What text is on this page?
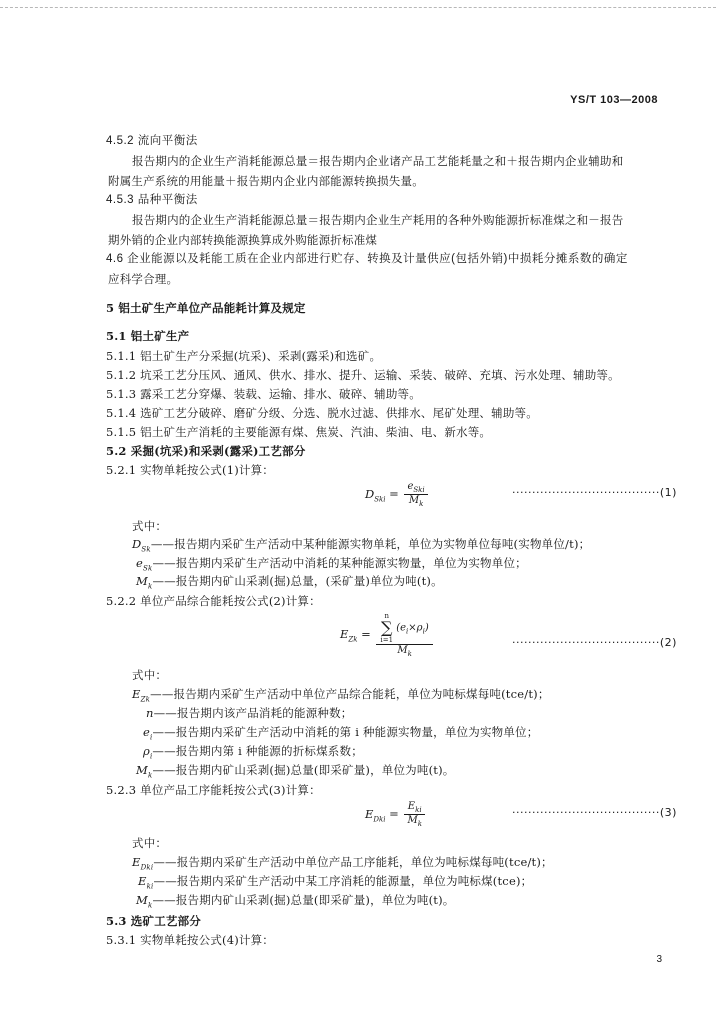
YS/T 103—2008
4.5.2 流向平衡法
报告期内的企业生产消耗能源总量＝报告期内企业诸产品工艺能耗量之和＋报告期内企业辅助和
附属生产系统的用能量＋报告期内企业内部能源转换损失量。
4.5.3 品种平衡法
报告期内的企业生产消耗能源总量＝报告期内企业生产耗用的各种外购能源折标准煤之和－报告
期外销的企业内部转换能源换算成外购能源折标准煤
4.6 企业能源以及耗能工质在企业内部进行贮存、转换及计量供应(包括外销)中损耗分摊系数的确定
应科学合理。
5 铝土矿生产单位产品能耗计算及规定
5.1 铝土矿生产
5.1.1 铝土矿生产分采掘(坑采)、采剥(露采)和选矿。
5.1.2 坑采工艺分压风、通风、供水、排水、提升、运输、采装、破碎、充填、污水处理、辅助等。
5.1.3 露采工艺分穿爆、装载、运输、排水、破碎、辅助等。
5.1.4 选矿工艺分破碎、磨矿分级、分选、脱水过滤、供排水、尾矿处理、辅助等。
5.1.5 铝土矿生产消耗的主要能源有煤、焦炭、汽油、柴油、电、新水等。
5.2 采掘(坑采)和采剥(露采)工艺部分
5.2.1 实物单耗按公式(1)计算：
$D_{Ski} = \frac{e_{Ski}}{M_k}$	·····································(1)
式中：
$D_{Sk}——$报告期内采矿生产活动中某种能源实物单耗，单位为实物单位每吨(实物单位/t)；
$e_{Sk}——$报告期内采矿生产活动中消耗的某种能源实物量，单位为实物单位；
$M_k——$报告期内矿山采剥(掘)总量，(采矿量)单位为吨(t)。
5.2.2 单位产品综合能耗按公式(2)计算：
$E_{Zk} = n$
∑
i=1
$(e_i\times\rho_i)$
$M_k$	·····································(2)
式中：
$E_{Zk}——$报告期内采矿生产活动中单位产品综合能耗，单位为吨标煤每吨(tce/t)；
n——报告期内该产品消耗的能源种数；
$e_i——$报告期内采矿生产活动中消耗的第 i 种能源实物量，单位为实物单位；
$\rho_i——$报告期内第 i 种能源的折标煤系数；
$M_k——$报告期内矿山采剥(掘)总量(即采矿量)，单位为吨(t)。
5.2.3 单位产品工序能耗按公式(3)计算：
$E_{Dki} = \frac{E_{ki}}{M_k}$	·····································(3)
式中：
$E_{Dki}——$报告期内采矿生产活动中单位产品工序能耗，单位为吨标煤每吨(tce/t)；
$E_{ki}——$报告期内采矿生产活动中某工序消耗的能源量，单位为吨标煤(tce)；
$M_k——$报告期内矿山采剥(掘)总量(即采矿量)，单位为吨(t)。
5.3 选矿工艺部分
5.3.1 实物单耗按公式(4)计算：
3
